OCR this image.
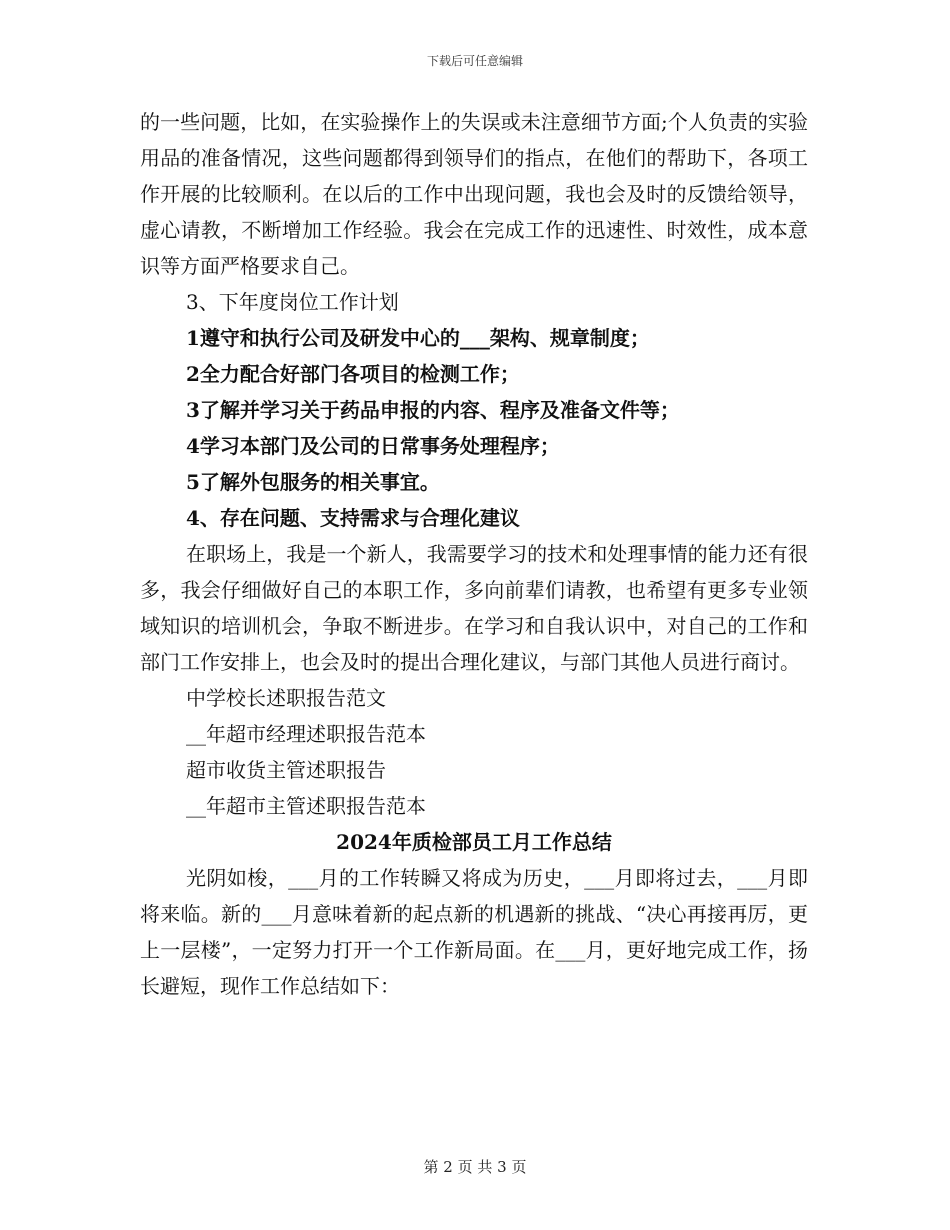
下载后可任意编辑

的一些问题，比如，在实验操作上的失误或未注意细节方面;个人负责的实验用品的准备情况，这些问题都得到领导们的指点，在他们的帮助下，各项工作开展的比较顺利。在以后的工作中出现问题，我也会及时的反馈给领导，虚心请教，不断增加工作经验。我会在完成工作的迅速性、时效性，成本意识等方面严格要求自己。

3、下年度岗位工作计划

1遵守和执行公司及研发中心的___架构、规章制度；

2全力配合好部门各项目的检测工作；

3了解并学习关于药品申报的内容、程序及准备文件等；

4学习本部门及公司的日常事务处理程序；

5了解外包服务的相关事宜。

4、存在问题、支持需求与合理化建议

在职场上，我是一个新人，我需要学习的技术和处理事情的能力还有很多，我会仔细做好自己的本职工作，多向前辈们请教，也希望有更多专业领域知识的培训机会，争取不断进步。在学习和自我认识中，对自己的工作和部门工作安排上，也会及时的提出合理化建议，与部门其他人员进行商讨。

中学校长述职报告范文

__年超市经理述职报告范本

超市收货主管述职报告

__年超市主管述职报告范本

2024年质检部员工月工作总结

光阴如梭，___月的工作转瞬又将成为历史，___月即将过去，___月即将来临。新的___月意味着新的起点新的机遇新的挑战、“决心再接再厉，更上一层楼”，一定努力打开一个工作新局面。在___月，更好地完成工作，扬长避短，现作工作总结如下：

第 2 页 共 3 页
